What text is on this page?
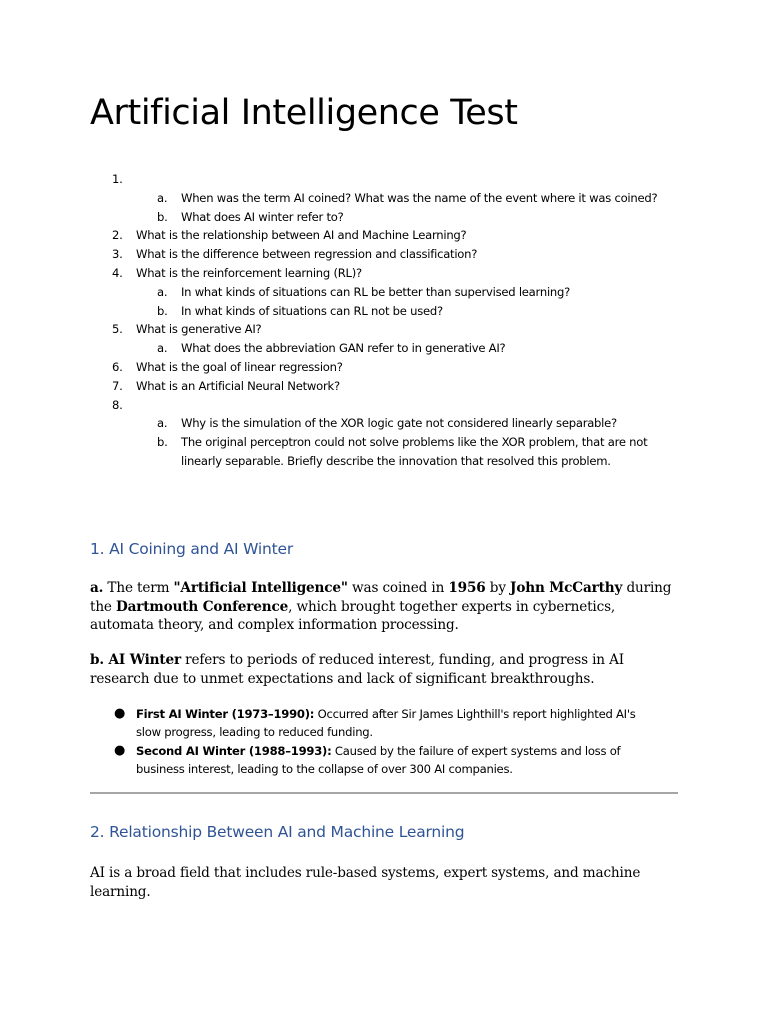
Artificial Intelligence Test
1.
a. When was the term AI coined? What was the name of the event where it was coined?
b. What does AI winter refer to?
2. What is the relationship between AI and Machine Learning?
3. What is the difference between regression and classification?
4. What is the reinforcement learning (RL)?
a. In what kinds of situations can RL be better than supervised learning?
b. In what kinds of situations can RL not be used?
5. What is generative AI?
a. What does the abbreviation GAN refer to in generative AI?
6. What is the goal of linear regression?
7. What is an Artificial Neural Network?
8.
a. Why is the simulation of the XOR logic gate not considered linearly separable?
b. The original perceptron could not solve problems like the XOR problem, that are not linearly separable. Briefly describe the innovation that resolved this problem.
1. AI Coining and AI Winter

a. The term "Artificial Intelligence" was coined in 1956 by John McCarthy during the Dartmouth Conference, which brought together experts in cybernetics, automata theory, and complex information processing.

b. AI Winter refers to periods of reduced interest, funding, and progress in AI research due to unmet expectations and lack of significant breakthroughs.

● First AI Winter (1973–1990): Occurred after Sir James Lighthill's report highlighted AI's slow progress, leading to reduced funding.
● Second AI Winter (1988–1993): Caused by the failure of expert systems and loss of business interest, leading to the collapse of over 300 AI companies.
2. Relationship Between AI and Machine Learning

AI is a broad field that includes rule-based systems, expert systems, and machine learning.
